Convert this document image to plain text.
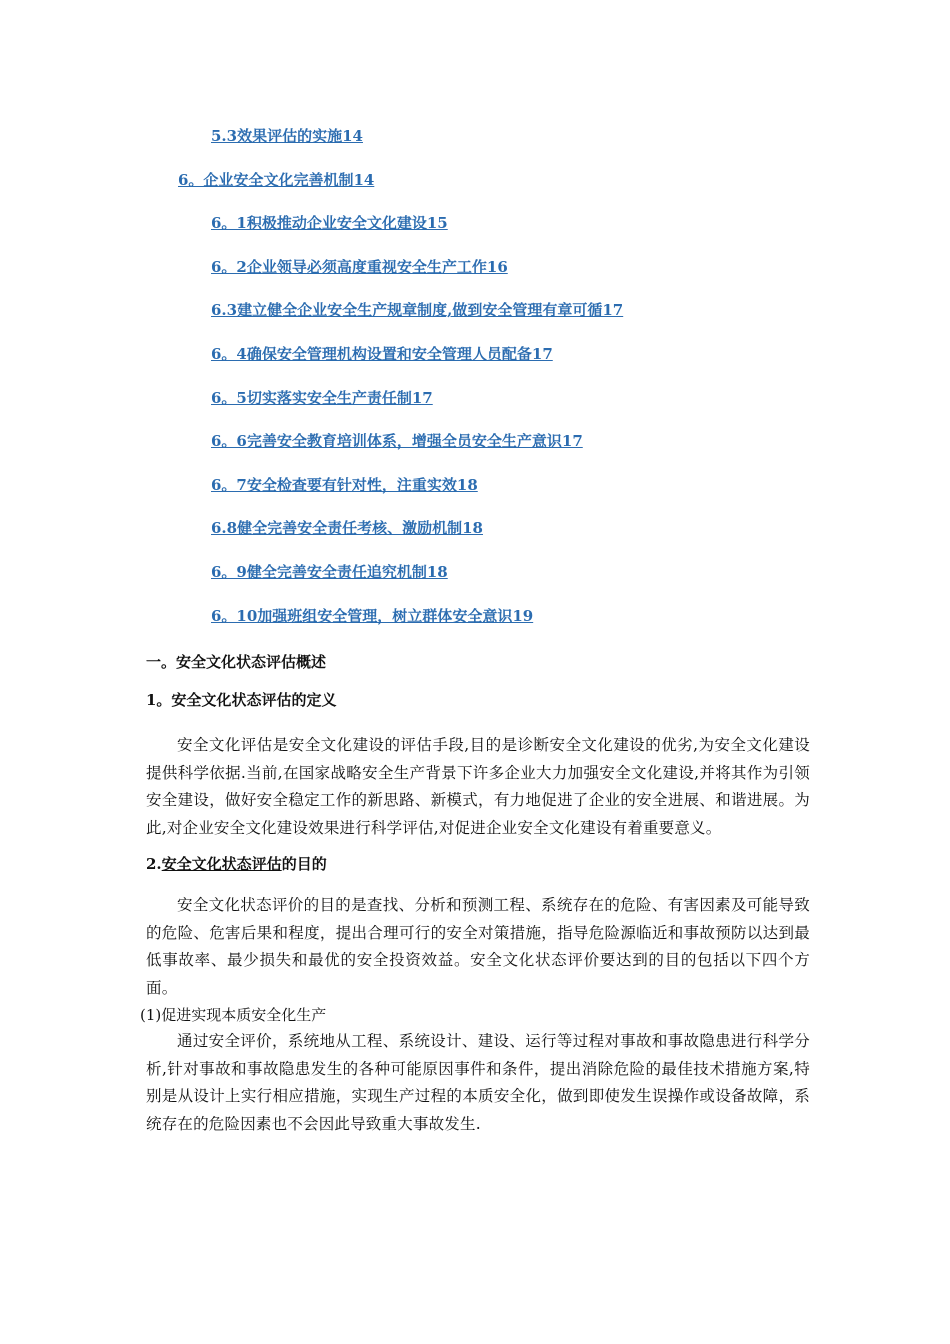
5.3效果评估的实施14
6。企业安全文化完善机制14
6。1积极推动企业安全文化建设15
6。2企业领导必须高度重视安全生产工作16
6.3建立健全企业安全生产规章制度,做到安全管理有章可循17
6。4确保安全管理机构设置和安全管理人员配备17
6。5切实落实安全生产责任制17
6。6完善安全教育培训体系，增强全员安全生产意识17
6。7安全检查要有针对性，注重实效18
6.8健全完善安全责任考核、激励机制18
6。9健全完善安全责任追究机制18
6。10加强班组安全管理，树立群体安全意识19
一。安全文化状态评估概述
1。安全文化状态评估的定义

安全文化评估是安全文化建设的评估手段,目的是诊断安全文化建设的优劣,为安全文化建设提供科学依据.当前,在国家战略安全生产背景下许多企业大力加强安全文化建设,并将其作为引领安全建设，做好安全稳定工作的新思路、新模式，有力地促进了企业的安全进展、和谐进展。为此,对企业安全文化建设效果进行科学评估,对促进企业安全文化建设有着重要意义。

2.安全文化状态评估的目的

安全文化状态评价的目的是查找、分析和预测工程、系统存在的危险、有害因素及可能导致的危险、危害后果和程度，提出合理可行的安全对策措施，指导危险源临近和事故预防以达到最低事故率、最少损失和最优的安全投资效益。安全文化状态评价要达到的目的包括以下四个方面。

(1)促进实现本质安全化生产

通过安全评价，系统地从工程、系统设计、建设、运行等过程对事故和事故隐患进行科学分析,针对事故和事故隐患发生的各种可能原因事件和条件，提出消除危险的最佳技术措施方案,特别是从设计上实行相应措施，实现生产过程的本质安全化，做到即使发生误操作或设备故障，系统存在的危险因素也不会因此导致重大事故发生.
